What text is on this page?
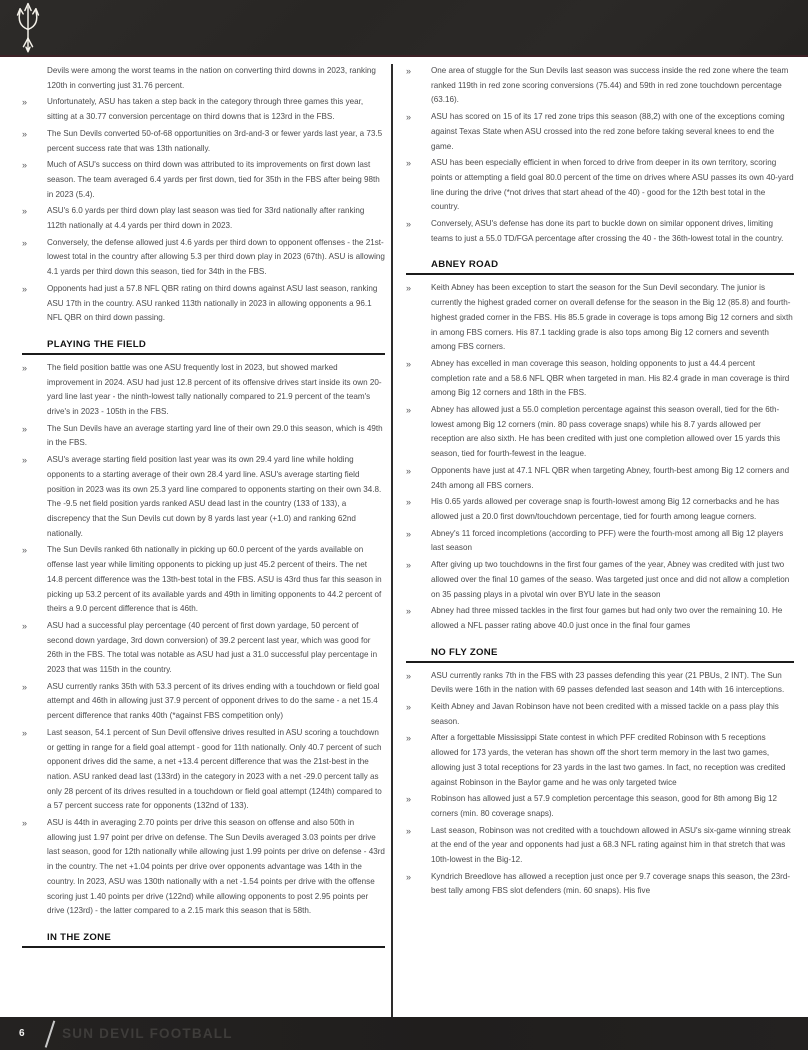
Devils were among the worst teams in the nation on converting third downs in 2023, ranking 120th in converting just 31.76 percent.
»	Unfortunately, ASU has taken a step back in the category through three games this year, sitting at a 30.77 conversion percentage on third downs that is 123rd in the FBS.
»	The Sun Devils converted 50-of-68 opportunities on 3rd-and-3 or fewer yards last year, a 73.5 percent success rate that was 13th nationally.
»	Much of ASU's success on third down was attributed to its improvements on first down last season. The team averaged 6.4 yards per first down, tied for 35th in the FBS after being 98th in 2023 (5.4).
»	ASU's 6.0 yards per third down play last season was tied for 33rd nationally after ranking 112th nationally at 4.4 yards per third down in 2023.
»	Conversely, the defense allowed just 4.6 yards per third down to opponent offenses - the 21st-lowest total in the country after allowing 5.3 per third down play in 2023 (67th). ASU is allowing 4.1 yards per third down this season, tied for 34th in the FBS.
»	Opponents had just a 57.8 NFL QBR rating on third downs against ASU last season, ranking ASU 17th in the country. ASU ranked 113th nationally in 2023 in allowing opponents a 96.1 NFL QBR on third down passing.
PLAYING THE FIELD
»	The field position battle was one ASU frequently lost in 2023, but showed marked improvement in 2024. ASU had just 12.8 percent of its offensive drives start inside its own 20-yard line last year - the ninth-lowest tally nationally compared to 21.9 percent of the team's drive's in 2023 - 105th in the FBS.
»	The Sun Devils have an average starting yard line of their own 29.0 this season, which is 49th in the FBS.
»	ASU's average starting field position last year was its own 29.4 yard line while holding opponents to a starting average of their own 28.4 yard line. ASU's average starting field position in 2023 was its own 25.3 yard line compared to opponents starting on their own 34.8. The -9.5 net field position yards ranked ASU dead last in the country (133 of 133), a discrepency that the Sun Devils cut down by 8 yards last year (+1.0) and ranking 62nd nationally.
»	The Sun Devils ranked 6th nationally in picking up 60.0 percent of the yards available on offense last year while limiting opponents to picking up just 45.2 percent of theirs. The net 14.8 percent difference was the 13th-best total in the FBS. ASU is 43rd thus far this season in picking up 53.2 percent of its available yards and 49th in limiting opponents to 44.2 percent of theirs a 9.0 percent difference that is 46th.
»	ASU had a successful play percentage (40 percent of first down yardage, 50 percent of second down yardage, 3rd down conversion) of 39.2 percent last year, which was good for 26th in the FBS. The total was notable as ASU had just a 31.0 successful play percentage in 2023 that was 115th in the country.
»	ASU currently ranks 35th with 53.3 percent of its drives ending with a touchdown or field goal attempt and 46th in allowing just 37.9 percent of opponent drives to do the same - a net 15.4 percent difference that ranks 40th (*against FBS competition only)
»	Last season, 54.1 percent of Sun Devil offensive drives resulted in ASU scoring a touchdown or getting in range for a field goal attempt - good for 11th nationally. Only 40.7 percent of such opponent drives did the same, a net +13.4 percent difference that was the 21st-best in the nation. ASU ranked dead last (133rd) in the category in 2023 with a net -29.0 percent tally as only 28 percent of its drives resulted in a touchdown or field goal attempt (124th) compared to a 57 percent success rate for opponents (132nd of 133).
»	ASU is 44th in averaging 2.70 points per drive this season on offense and also 50th in allowing just 1.97 point per drive on defense. The Sun Devils averaged 3.03 points per drive last season, good for 12th nationally while allowing just 1.99 points per drive on defense - 43rd in the country. The net +1.04 points per drive over opponents advantage was 14th in the country. In 2023, ASU was 130th nationally with a net -1.54 points per drive with the offense scoring just 1.40 points per drive (122nd) while allowing opponents to post 2.95 points per drive (123rd) - the latter compared to a 2.15 mark this season that is 58th.
IN THE ZONE
»	One area of stuggle for the Sun Devils last season was success inside the red zone where the team ranked 119th in red zone scoring conversions (75.44) and 59th in red zone touchdown percentage (63.16).
»	ASU has scored on 15 of its 17 red zone trips this season (88,2) with one of the exceptions coming against Texas State when ASU crossed into the red zone before taking several knees to end the game.
»	ASU has been especially efficient in when forced to drive from deeper in its own territory, scoring points or attempting a field goal 80.0 percent of the time on drives where ASU passes its own 40-yard line during the drive (*not drives that start ahead of the 40) - good for the 12th best total in the country.
»	Conversely, ASU's defense has done its part to buckle down on similar opponent drives, limiting teams to just a 55.0 TD/FGA percentage after crossing the 40 - the 36th-lowest total in the country.
ABNEY ROAD
»	Keith Abney has been exception to start the season for the Sun Devil secondary. The junior is currently the highest graded corner on overall defense for the season in the Big 12 (85.8) and fourth-highest graded corner in the FBS. His 85.5 grade in coverage is tops among Big 12 corners and sixth in among FBS corners. His 87.1 tackling grade is also tops among Big 12 corners and seventh among FBS corners.
»	Abney has excelled in man coverage this season, holding opponents to just a 44.4 percent completion rate and a 58.6 NFL QBR when targeted in man. His 82.4 grade in man coverage is third among Big 12 corners and 18th in the FBS.
»	Abney has allowed just a 55.0 completion percentage against this season overall, tied for the 6th-lowest among Big 12 corners (min. 80 pass coverage snaps) while his 8.7 yards allowed per reception are also sixth. He has been credited with just one completion allowed over 15 yards this season, tied for fourth-fewest in the league.
»	Opponents have just at 47.1 NFL QBR when targeting Abney, fourth-best among Big 12 corners and 24th among all FBS corners.
»	His 0.65 yards allowed per coverage snap is fourth-lowest among Big 12 cornerbacks and he has allowed just a 20.0 first down/touchdown percentage, tied for fourth among league corners.
»	Abney's 11 forced incompletions (according to PFF) were the fourth-most among all Big 12 players last season
»	After giving up two touchdowns in the first four games of the year, Abney was credited with just two allowed over the final 10 games of the seaso. Was targeted just once and did not allow a completion on 35 passing plays in a pivotal win over BYU late in the season
»	Abney had three missed tackles in the first four games but had only two over the remaining 10. He allowed a NFL passer rating above 40.0 just once in the final four games
NO FLY ZONE
»	ASU currently ranks 7th in the FBS with 23 passes defending this year (21 PBUs, 2 INT). The Sun Devils were 16th in the nation with 69 passes defended last season and 14th with 16 interceptions.
»	Keith Abney and Javan Robinson have not been credited with a missed tackle on a pass play this season.
»	After a forgettable Mississippi State contest in which PFF credited Robinson with 5 receptions allowed for 173 yards, the veteran has shown off the short term memory in the last two games, allowing just 3 total receptions for 23 yards in the last two games. In fact, no reception was credited against Robinson in the Baylor game and he was only targeted twice
»	Robinson has allowed just a 57.9 completion percentage this season, good for 8th among Big 12 corners (min. 80 coverage snaps).
»	Last season, Robinson was not credited with a touchdown allowed in ASU's six-game winning streak at the end of the year and opponents had just a 68.3 NFL rating against him in that stretch that was 10th-lowest in the Big-12.
»	Kyndrich Breedlove has allowed a reception just once per 9.7 coverage snaps this season, the 23rd-best tally among FBS slot defenders (min. 60 snaps). His five
6	SUN DEVIL FOOTBALL
